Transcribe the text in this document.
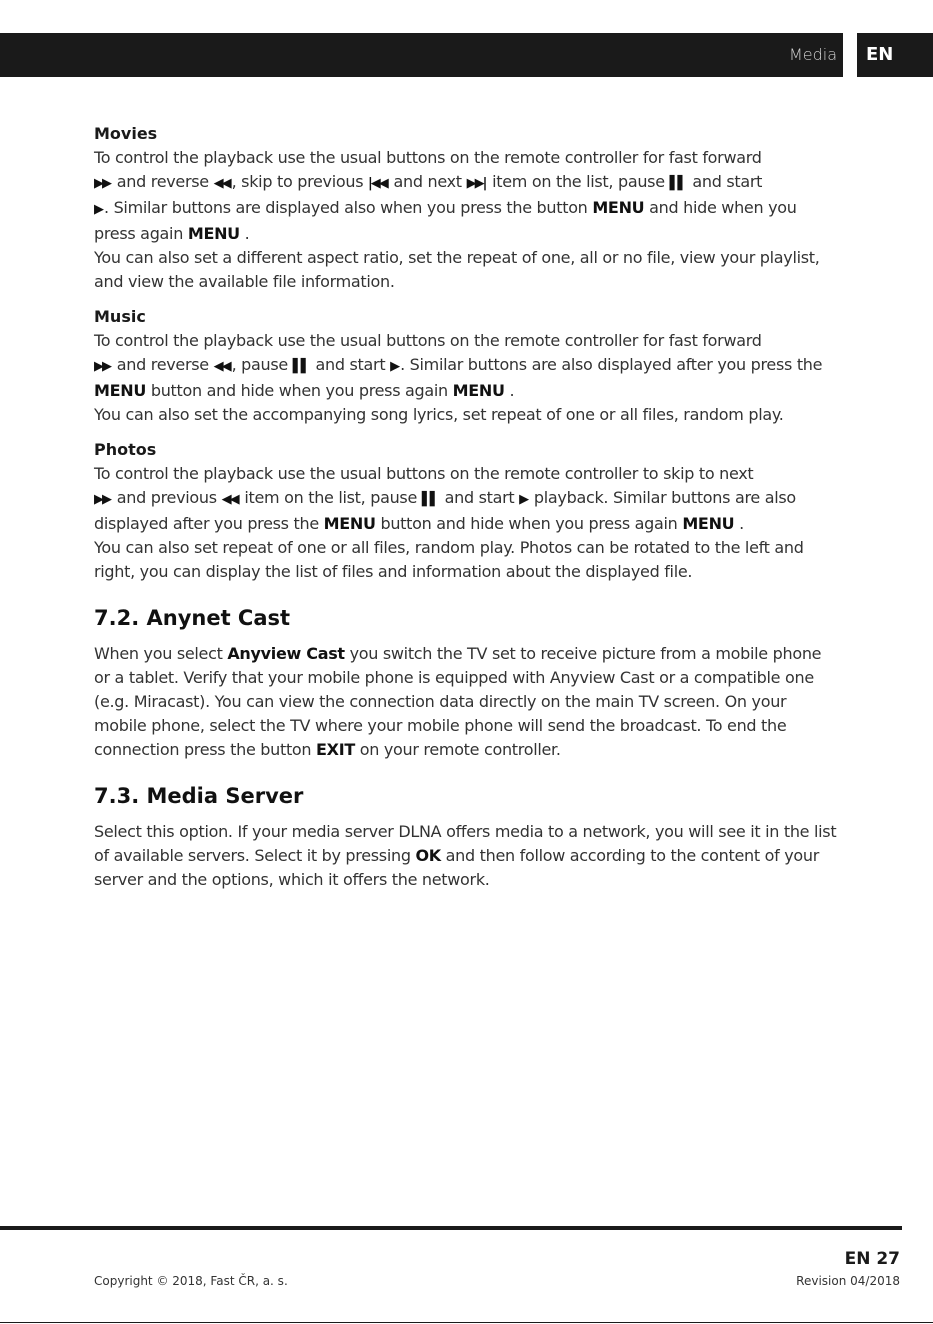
Media EN

Movies

To control the playback use the usual buttons on the remote controller for fast forward
▶▶ and reverse ◀◀ , skip to previous |◀◀ and next ▶▶| item on the list, pause ▌▌ and start
▶ . Similar buttons are displayed also when you press the button MENU and hide when you press again MENU .

You can also set a different aspect ratio, set the repeat of one, all or no file, view your playlist, and view the available file information.

Music

To control the playback use the usual buttons on the remote controller for fast forward
▶▶ and reverse ◀◀ , pause ▌▌ and start ▶ . Similar buttons are also displayed after you press the MENU button and hide when you press again MENU .

You can also set the accompanying song lyrics, set repeat of one or all files, random play.

Photos

To control the playback use the usual buttons on the remote controller to skip to next
▶▶ and previous ◀◀ item on the list, pause ▌▌ and start ▶ playback. Similar buttons are also displayed after you press the MENU button and hide when you press again MENU .

You can also set repeat of one or all files, random play. Photos can be rotated to the left and right, you can display the list of files and information about the displayed file.

7.2. Anynet Cast

When you select Anyview Cast you switch the TV set to receive picture from a mobile phone or a tablet. Verify that your mobile phone is equipped with Anyview Cast or a compatible one (e.g. Miracast). You can view the connection data directly on the main TV screen. On your mobile phone, select the TV where your mobile phone will send the broadcast. To end the connection press the button EXIT on your remote controller.

7.3. Media Server

Select this option. If your media server DLNA offers media to a network, you will see it in the list of available servers. Select it by pressing OK and then follow according to the content of your server and the options, which it offers the network.

EN 27
Copyright © 2018, Fast ČR, a. s.	Revision 04/2018
